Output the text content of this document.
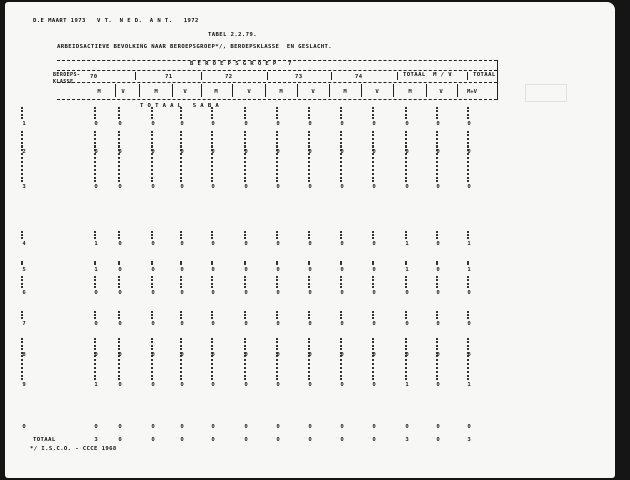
D.E MAART 1973   V T.  N E D.  A N T.   1972
TABEL 2.2.79.
ARBEIDSACTIEVE BEVOLKING NAAR BEROEPSGROEP*/, BEROEPSKLASSE  EN GESLACHT.
B E R O E P S G R O E P   7
BEROEPS-
KLASSE
TOTAAL  M / V	TOTAAL
T O T A A L   S A B A
*/ I.S.C.O. - CCCE 1968
70	71	72	73	74
M	V	M	V	M	V	M	V	M	V	M	V	M+V
1	0	0	0	0	0	0	0	0	0	0	0	0	0
2	0	0	0	0	0	0	0	0	0	0	0	0	0
3	0	0	0	0	0	0	0	0	0	0	0	0	0
4	1	0	0	0	0	0	0	0	0	0	1	0	1
5	1	0	0	0	0	0	0	0	0	0	1	0	1
6	0	0	0	0	0	0	0	0	0	0	0	0	0
7	0	0	0	0	0	0	0	0	0	0	0	0	0
8	0	0	0	0	0	0	0	0	0	0	0	0	0
9	1	0	0	0	0	0	0	0	0	0	1	0	1
0	0	0	0	0	0	0	0	0	0	0	0	0	0
TOTAAL	3	0	0	0	0	0	0	0	0	0	3	0	3
